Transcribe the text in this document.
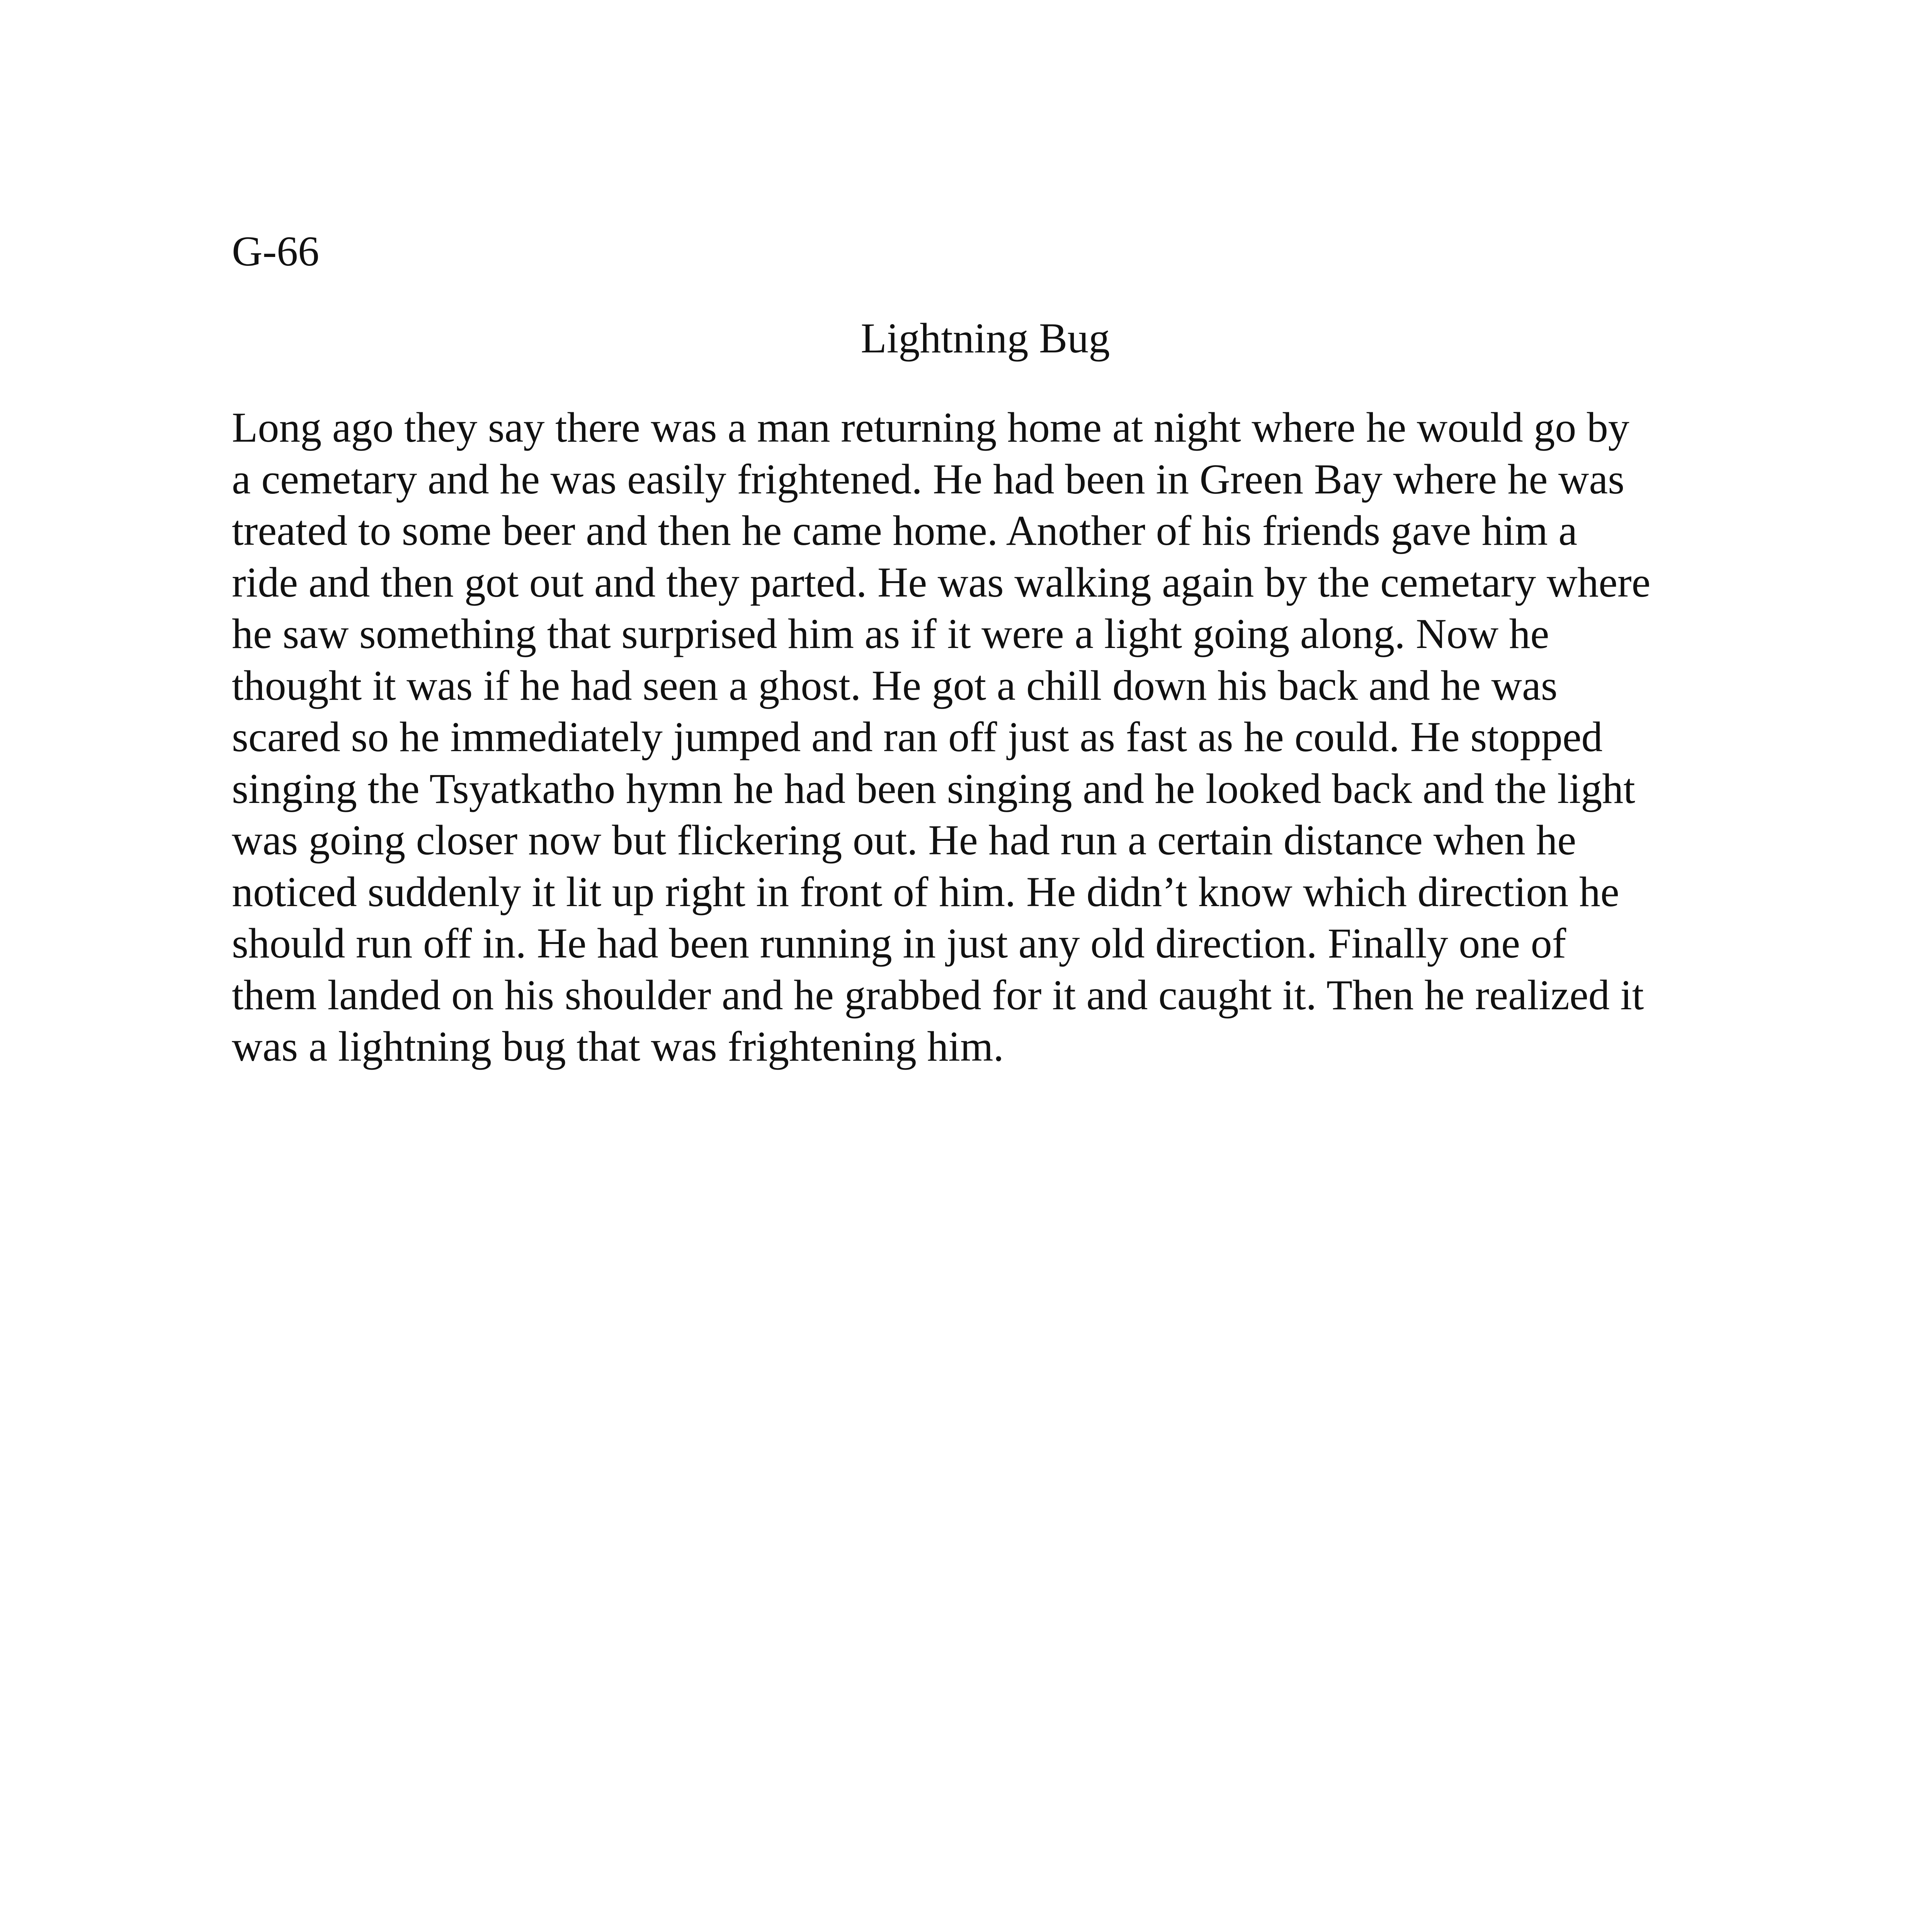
G-66
Lightning Bug
Long ago they say there was a man returning home at night where he would go by
a cemetary and he was easily frightened. He had been in Green Bay where he was
treated to some beer and then he came home. Another of his friends gave him a
ride and then got out and they parted. He was walking again by the cemetary where
he saw something that surprised him as if it were a light going along. Now he
thought it was if he had seen a ghost. He got a chill down his back and he was
scared so he immediately jumped and ran off just as fast as he could. He stopped
singing the Tsyatkatho hymn he had been singing and he looked back and the light
was going closer now but flickering out. He had run a certain distance when he
noticed suddenly it lit up right in front of him. He didn’t know which direction he
should run off in. He had been running in just any old direction. Finally one of
them landed on his shoulder and he grabbed for it and caught it. Then he realized it
was a lightning bug that was frightening him.
